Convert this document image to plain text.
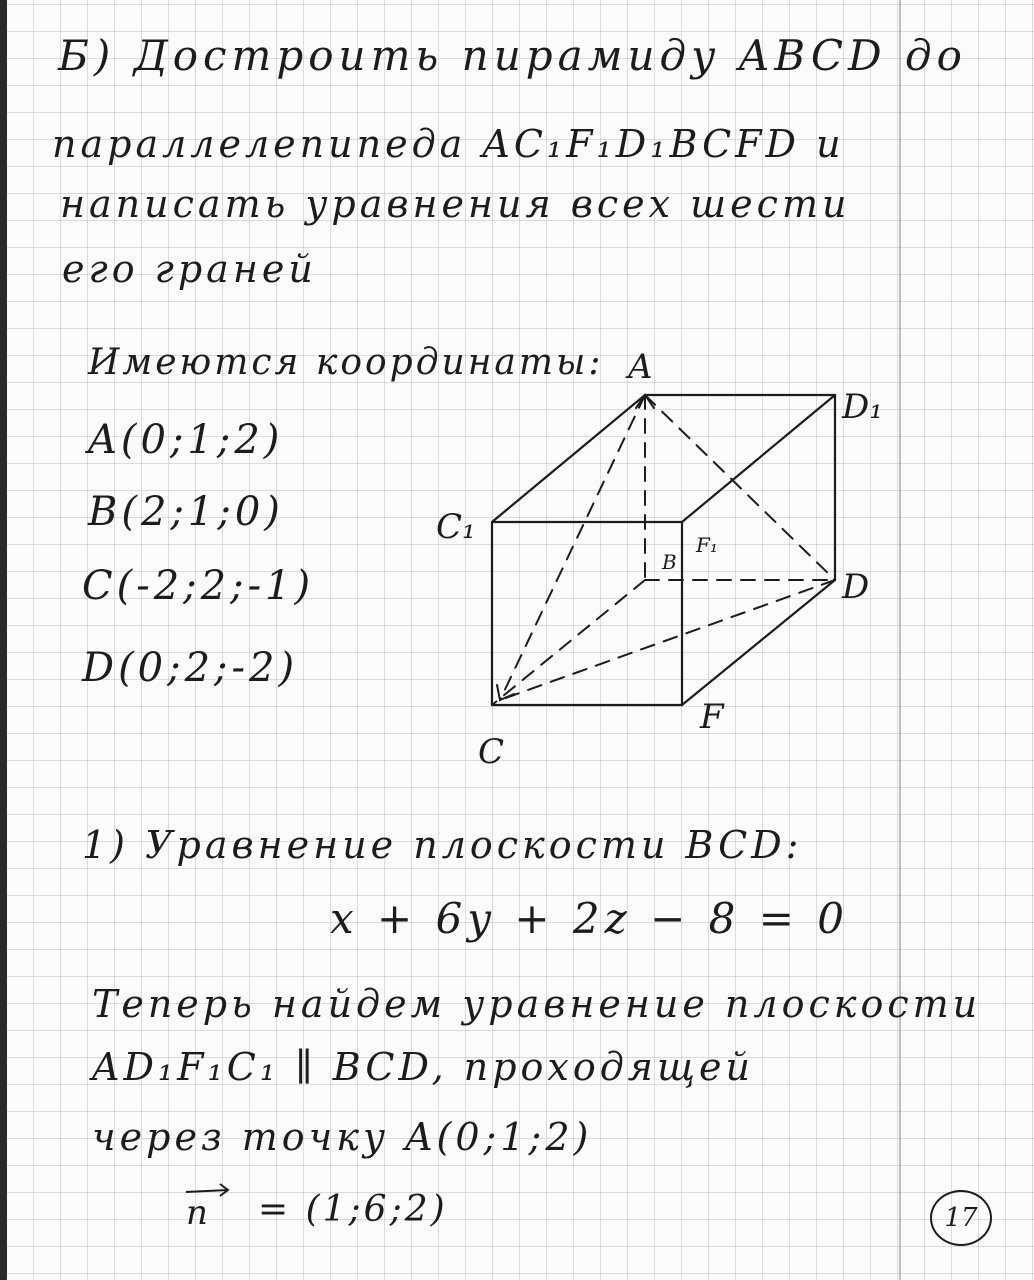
Б) Достроить пирамиду ABCD до
параллелепипеда AC₁F₁D₁BCFD и
написать уравнения всех шести
его граней
Имеются координаты:
A(0;1;2)
B(2;1;0)
C(-2;2;-1)
D(0;2;-2)
A
D₁
C₁
B
F₁
D
C
F
1) Уравнение плоскости BCD:
x + 6y + 2z − 8 = 0
Теперь найдем уравнение плоскости
AD₁F₁C₁ ∥ BCD, проходящей
через точку A(0;1;2)
n = (1;6;2)	17
